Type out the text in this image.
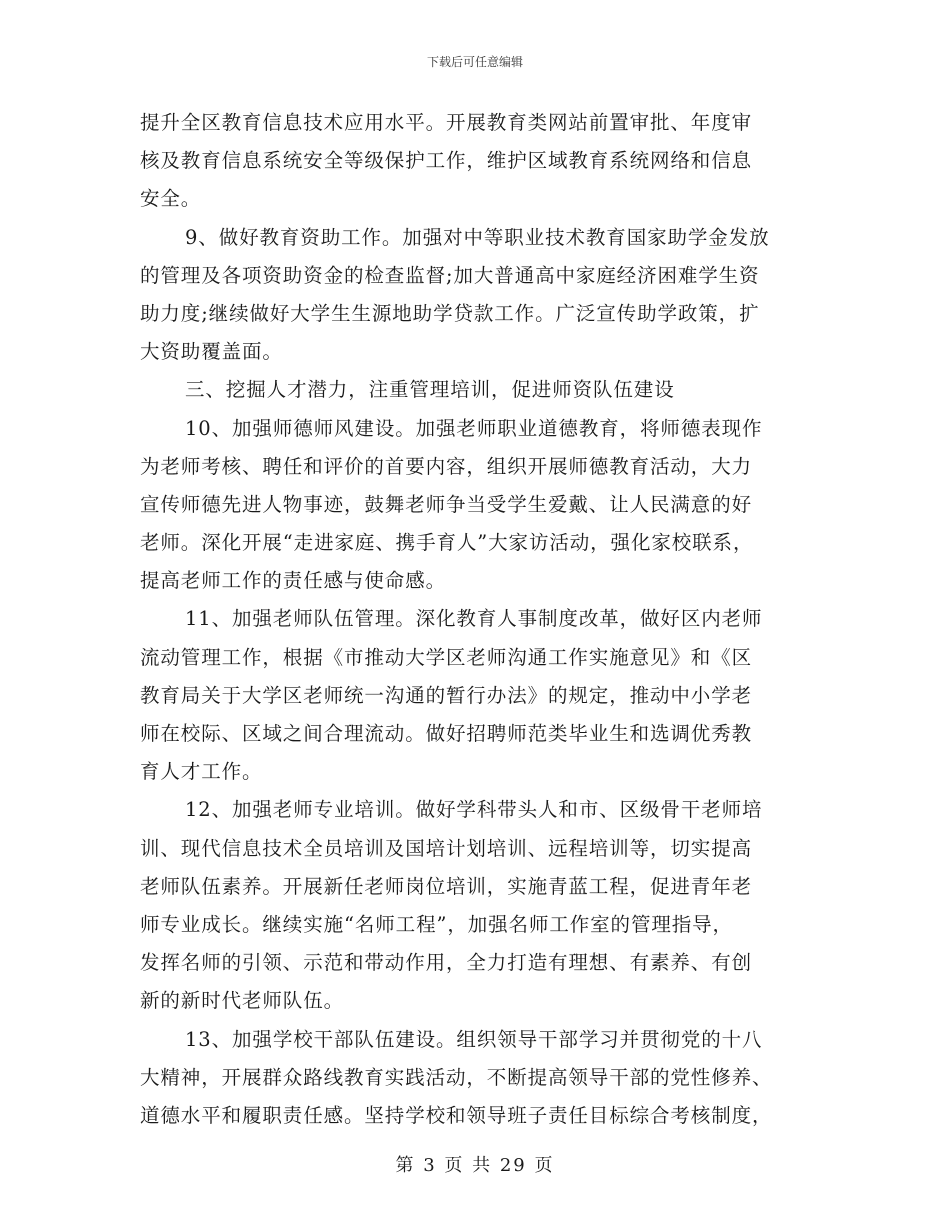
下载后可任意编辑
提升全区教育信息技术应用水平。开展教育类网站前置审批、年度审
核及教育信息系统安全等级保护工作，维护区域教育系统网络和信息
安全。
9、做好教育资助工作。加强对中等职业技术教育国家助学金发放
的管理及各项资助资金的检查监督;加大普通高中家庭经济困难学生资
助力度;继续做好大学生生源地助学贷款工作。广泛宣传助学政策，扩
大资助覆盖面。
三、挖掘人才潜力，注重管理培训，促进师资队伍建设
10、加强师德师风建设。加强老师职业道德教育，将师德表现作
为老师考核、聘任和评价的首要内容，组织开展师德教育活动，大力
宣传师德先进人物事迹，鼓舞老师争当受学生爱戴、让人民满意的好
老师。深化开展“走进家庭、携手育人”大家访活动，强化家校联系，
提高老师工作的责任感与使命感。
11、加强老师队伍管理。深化教育人事制度改革，做好区内老师
流动管理工作，根据《市推动大学区老师沟通工作实施意见》和《区
教育局关于大学区老师统一沟通的暂行办法》的规定，推动中小学老
师在校际、区域之间合理流动。做好招聘师范类毕业生和选调优秀教
育人才工作。
12、加强老师专业培训。做好学科带头人和市、区级骨干老师培
训、现代信息技术全员培训及国培计划培训、远程培训等，切实提高
老师队伍素养。开展新任老师岗位培训，实施青蓝工程，促进青年老
师专业成长。继续实施“名师工程”，加强名师工作室的管理指导，
发挥名师的引领、示范和带动作用，全力打造有理想、有素养、有创
新的新时代老师队伍。
13、加强学校干部队伍建设。组织领导干部学习并贯彻党的十八
大精神，开展群众路线教育实践活动，不断提高领导干部的党性修养、
道德水平和履职责任感。坚持学校和领导班子责任目标综合考核制度，
第 3 页 共 29 页
